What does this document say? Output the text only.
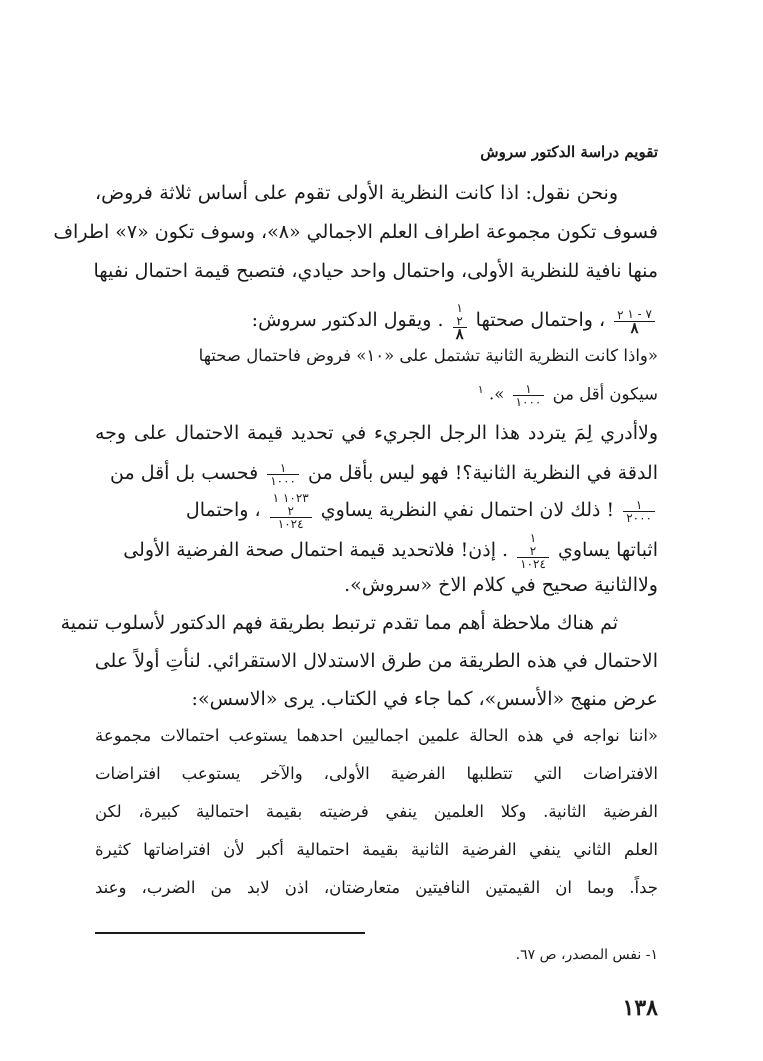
تقويم دراسة الدكتور سروش
ونحن نقول: اذا كانت النظرية الأولى تقوم على أساس ثلاثة فروض،
فسوف تكون مجموعة اطراف العلم الاجمالي «٨»، وسوف تكون «٧» اطراف
منها نافية للنظرية الأولى، واحتمال واحد حيادي، فتصبح قيمة احتمال نفيها
$\frac{٧ - ١ ٢}{٨}$
، واحتمال صحتها
١
٢
٨
. ويقول الدكتور سروش:
«واذا كانت النظرية الثانية تشتمل على «١٠» فروض فاحتمال صحتها
سيكون أقل من
$\frac{١}{١٠٠٠}$
». $^١$
ولاأدري لِمَ يتردد هذا الرجل الجريء في تحديد قيمة الاحتمال على وجه
الدقة في النظرية الثانية؟! فهو ليس بأقل من
$\frac{١}{١٠٠٠}$
فحسب بل أقل من
$\frac{١}{٢٠٠٠}$
! ذلك لان احتمال نفي النظرية يساوي
١٠٢٣ ١
٢
١٠٢٤
، واحتمال
اثباتها يساوي
١
٢
١٠٢٤
. إذن! فلاتحديد قيمة احتمال صحة الفرضية الأولى
ولاالثانية صحيح في كلام الاخ «سروش».
ثم هناك ملاحظة أهم مما تقدم ترتبط بطريقة فهم الدكتور لأسلوب تنمية
الاحتمال في هذه الطريقة من طرق الاستدلال الاستقرائي. لنأتِ أولاً على
عرض منهج «الأسس»، كما جاء في الكتاب. يرى «الاسس»:
«اننا نواجه في هذه الحالة علمين اجماليين احدهما يستوعب احتمالات مجموعة
الافتراضات التي تتطلبها الفرضية الأولى، والآخر يستوعب افتراضات
الفرضية الثانية. وكلا العلمين ينفي فرضيته بقيمة احتمالية كبيرة، لكن
العلم الثاني ينفي الفرضية الثانية بقيمة احتمالية أكبر لأن افتراضاتها كثيرة
جداً. وبما ان القيمتين النافيتين متعارضتان، اذن لابد من الضرب، وعند
١- نفس المصدر، ص ٦٧.
١٣٨
